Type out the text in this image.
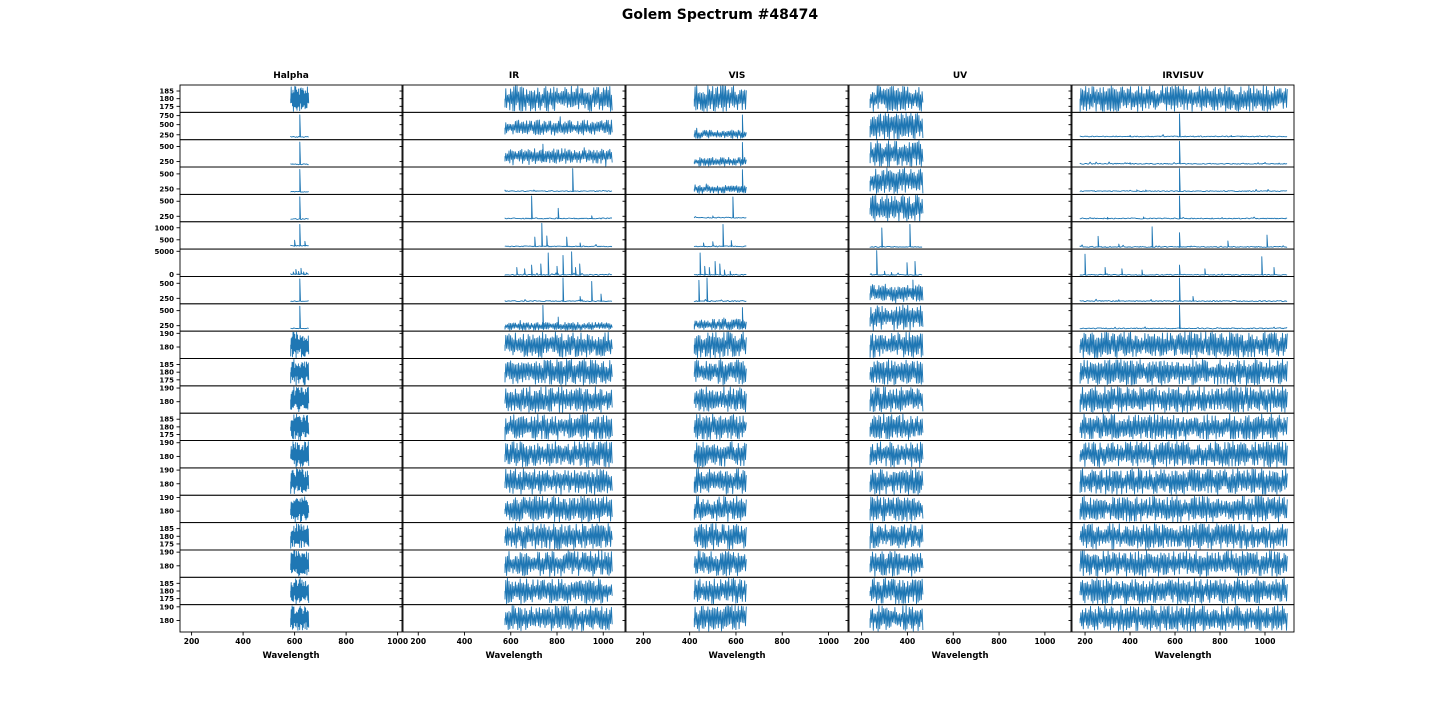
Golem Spectrum #48474
Halpha
185
180
175
750
500
250
500
250
500
250
500
250
1000
500
5000
0
500
250
500
250
190
180
185
180
175
190
180
185
180
175
190
180
190
180
190
180
185
180
175
190
180
185
180
175
190
180
200	400	600	800	1000
Wavelength
IR
200	400	600	800	1000
Wavelength
VIS
200	400	600	800	1000
Wavelength
UV
200	400	600	800	1000
Wavelength
IRVISUV
200	400	600	800	1000
Wavelength
